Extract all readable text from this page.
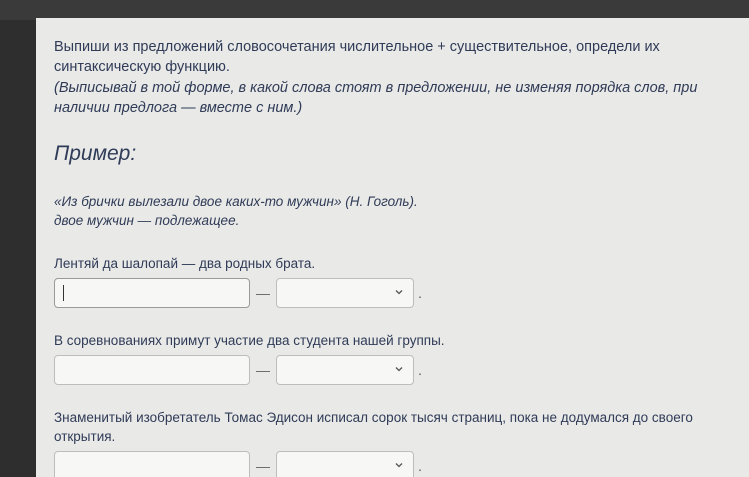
Выпиши из предложений словосочетания числительное + существительное, определи их синтаксическую функцию.
(Выписывай в той форме, в какой слова стоят в предложении, не изменяя порядка слов, при наличии предлога — вместе с ним.)
Пример:
«Из брички вылезали двое каких-то мужчин» (Н. Гоголь).
двое мужчин — подлежащее.
Лентяй да шалопай — два родных брата.
—	.
В соревнованиях примут участие два студента нашей группы.
—	.
Знаменитый изобретатель Томас Эдисон исписал сорок тысяч страниц, пока не додумался до своего открытия.
—	.
